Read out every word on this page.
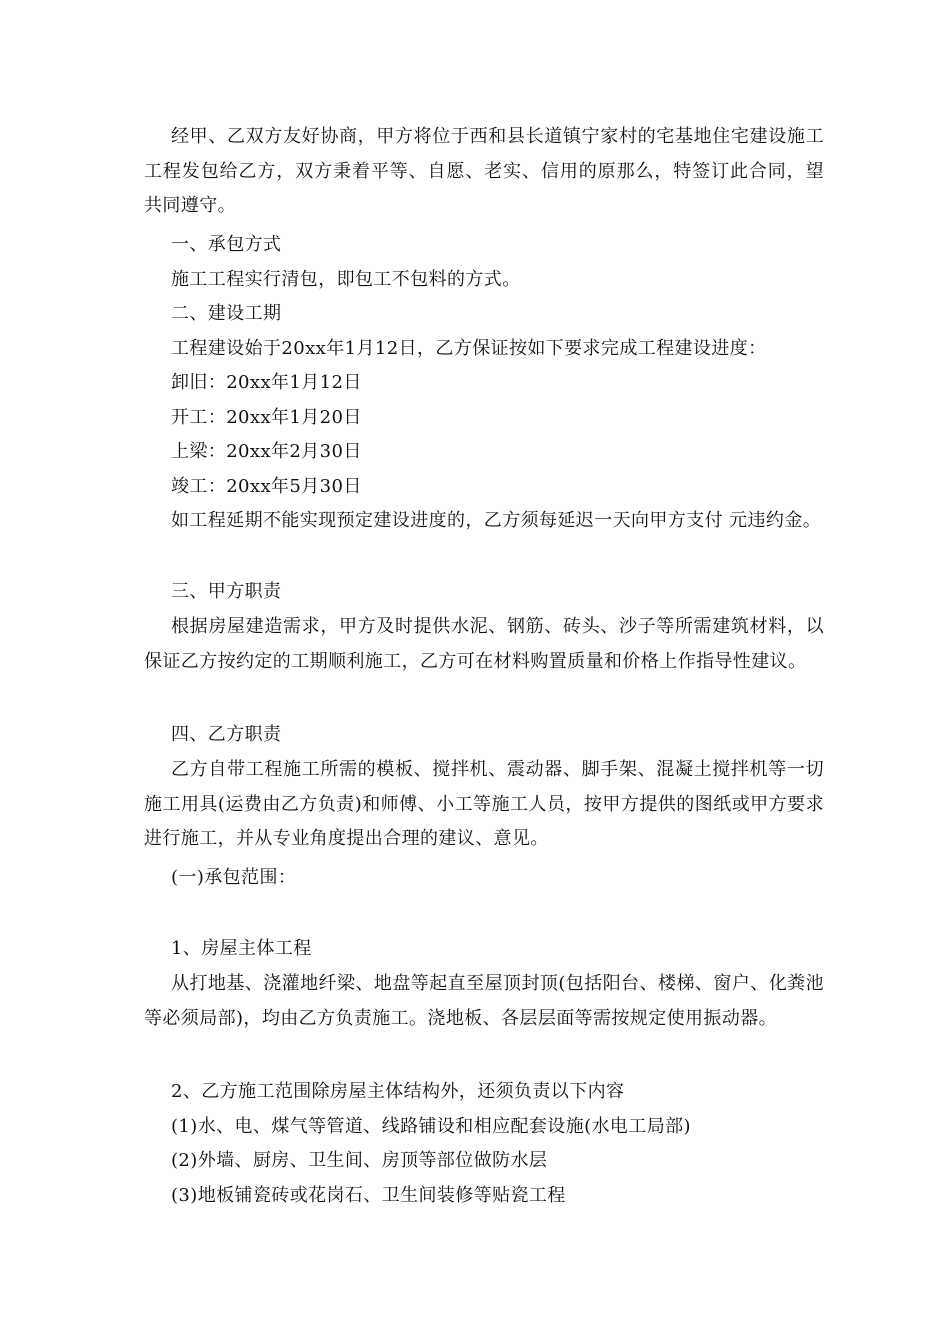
经甲、乙双方友好协商，甲方将位于西和县长道镇宁家村的宅基地住宅建设施工工程发包给乙方，双方秉着平等、自愿、老实、信用的原那么，特签订此合同，望共同遵守。

一、承包方式

施工工程实行清包，即包工不包料的方式。

二、建设工期

工程建设始于20xx年1月12日，乙方保证按如下要求完成工程建设进度：

卸旧：20xx年1月12日

开工：20xx年1月20日

上梁：20xx年2月30日

竣工：20xx年5月30日

如工程延期不能实现预定建设进度的，乙方须每延迟一天向甲方支付 元违约金。

三、甲方职责

根据房屋建造需求，甲方及时提供水泥、钢筋、砖头、沙子等所需建筑材料，以保证乙方按约定的工期顺利施工，乙方可在材料购置质量和价格上作指导性建议。

四、乙方职责

乙方自带工程施工所需的模板、搅拌机、震动器、脚手架、混凝土搅拌机等一切施工用具(运费由乙方负责)和师傅、小工等施工人员，按甲方提供的图纸或甲方要求进行施工，并从专业角度提出合理的建议、意见。

(一)承包范围：

1、房屋主体工程

从打地基、浇灌地纤梁、地盘等起直至屋顶封顶(包括阳台、楼梯、窗户、化粪池等必须局部)，均由乙方负责施工。浇地板、各层层面等需按规定使用振动器。

2、乙方施工范围除房屋主体结构外，还须负责以下内容

(1)水、电、煤气等管道、线路铺设和相应配套设施(水电工局部)

(2)外墙、厨房、卫生间、房顶等部位做防水层

(3)地板铺瓷砖或花岗石、卫生间装修等贴瓷工程
